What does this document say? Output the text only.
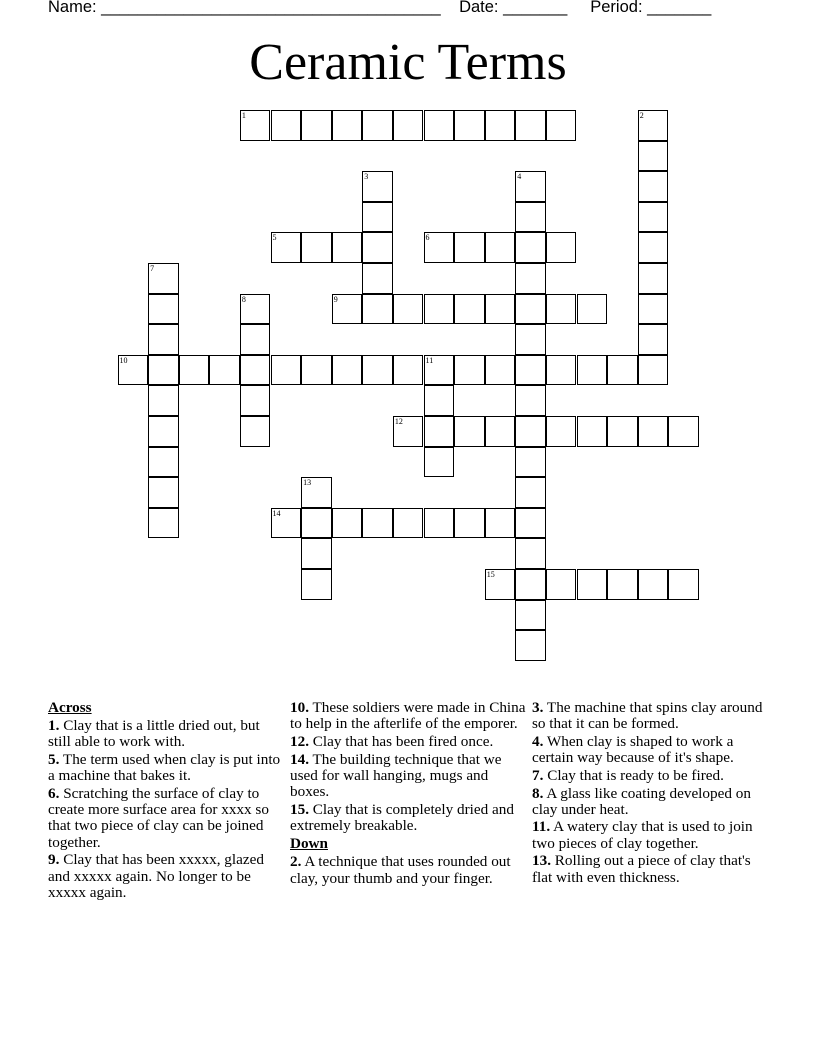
Name: _____________________________________ Date: _______ Period: _______
Ceramic Terms
1	2
3	4
5	6
7
8	9
10	11
12
13
14
15
Across
1. Clay that is a little dried out, but still able to work with.
5. The term used when clay is put into a machine that bakes it.
6. Scratching the surface of clay to create more surface area for xxxx so that two piece of clay can be joined together.
9. Clay that has been xxxxx, glazed and xxxxx again. No longer to be xxxxx again.
10. These soldiers were made in China to help in the afterlife of the emporer.
12. Clay that has been fired once.
14. The building technique that we used for wall hanging, mugs and boxes.
15. Clay that is completely dried and extremely breakable.
Down
2. A technique that uses rounded out clay, your thumb and your finger.
3. The machine that spins clay around so that it can be formed.
4. When clay is shaped to work a certain way because of it's shape.
7. Clay that is ready to be fired.
8. A glass like coating developed on clay under heat.
11. A watery clay that is used to join two pieces of clay together.
13. Rolling out a piece of clay that's flat with even thickness.
